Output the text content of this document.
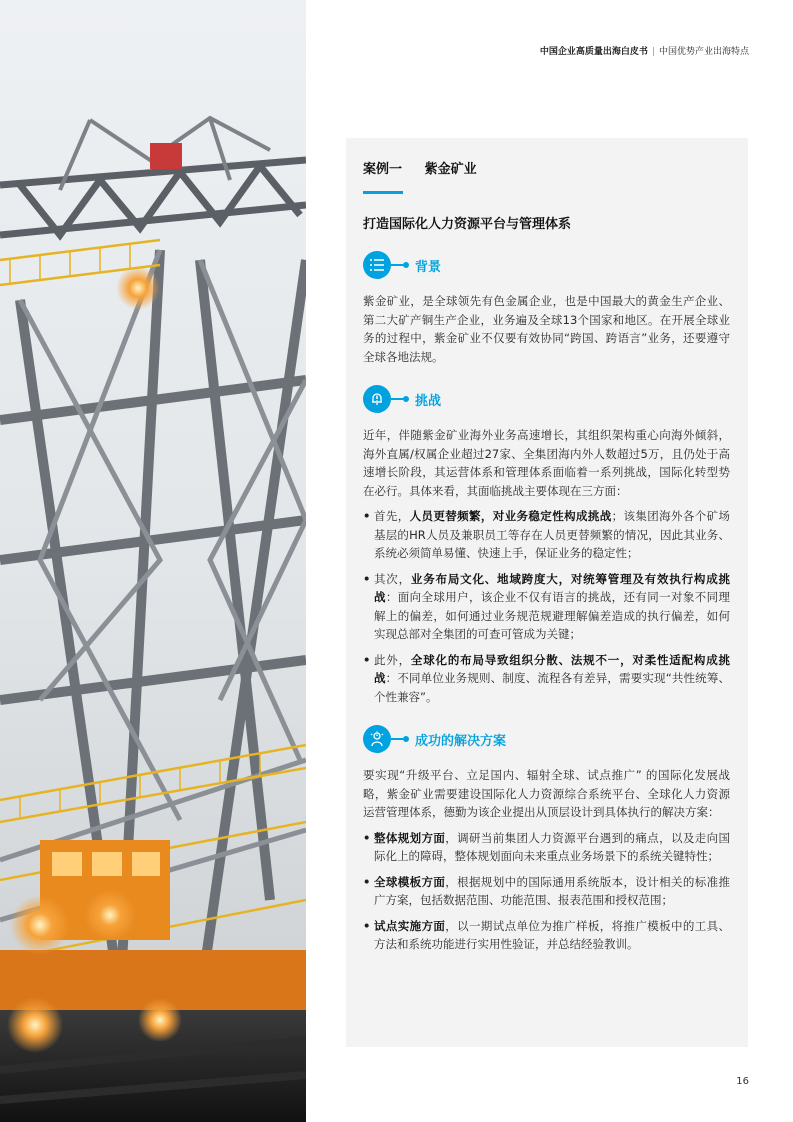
中国企业高质量出海白皮书 | 中国优势产业出海特点
案例一     紫金矿业
打造国际化人力资源平台与管理体系
背景

紫金矿业，是全球领先有色金属企业，也是中国最大的黄金生产企业、第二大矿产铜生产企业，业务遍及全球13个国家和地区。在开展全球业务的过程中，紫金矿业不仅要有效协同“跨国、跨语言”业务，还要遵守全球各地法规。

挑战

近年，伴随紫金矿业海外业务高速增长，其组织架构重心向海外倾斜，海外直属/权属企业超过27家、全集团海内外人数超过5万，且仍处于高速增长阶段，其运营体系和管理体系面临着一系列挑战，国际化转型势在必行。具体来看，其面临挑战主要体现在三方面：

• 首先，人员更替频繁，对业务稳定性构成挑战；该集团海外各个矿场基层的HR人员及兼职员工等存在人员更替频繁的情况，因此其业务、系统必须简单易懂、快速上手，保证业务的稳定性；
• 其次，业务布局文化、地域跨度大，对统筹管理及有效执行构成挑战：面向全球用户，该企业不仅有语言的挑战，还有同一对象不同理解上的偏差，如何通过业务规范规避理解偏差造成的执行偏差，如何实现总部对全集团的可查可管成为关键；
• 此外，全球化的布局导致组织分散、法规不一，对柔性适配构成挑战：不同单位业务规则、制度、流程各有差异，需要实现“共性统筹、个性兼容”。
成功的解决方案

要实现“升级平台、立足国内、辐射全球、试点推广” 的国际化发展战略，紫金矿业需要建设国际化人力资源综合系统平台、全球化人力资源运营管理体系，德勤为该企业提出从顶层设计到具体执行的解决方案：

• 整体规划方面，调研当前集团人力资源平台遇到的痛点，以及走向国际化上的障碍，整体规划面向未来重点业务场景下的系统关键特性；
• 全球模板方面，根据规划中的国际通用系统版本，设计相关的标准推广方案，包括数据范围、功能范围、报表范围和授权范围；
• 试点实施方面，以一期试点单位为推广样板，将推广模板中的工具、方法和系统功能进行实用性验证，并总结经验教训。
16
